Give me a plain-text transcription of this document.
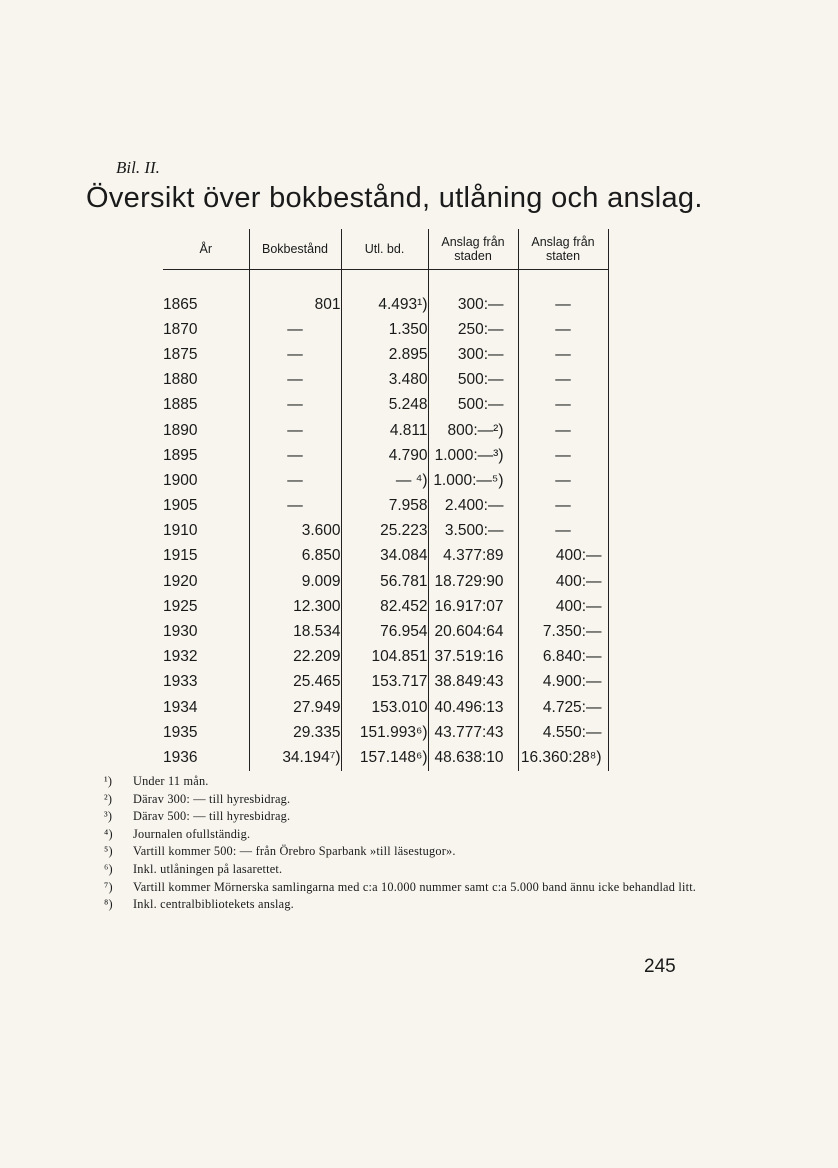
Bil. II.
Översikt över bokbestånd, utlåning och anslag.
År	Bokbestånd	Utl. bd.	Anslag från staden	Anslag från staten
1865	801	4.493¹)	300:—	—
1870	—	1.350	250:—	—
1875	—	2.895	300:—	—
1880	—	3.480	500:—	—
1885	—	5.248	500:—	—
1890	—	4.811	800:—²)	—
1895	—	4.790	1.000:—³)	—
1900	—	— ⁴)	1.000:—⁵)	—
1905	—	7.958	2.400:—	—
1910	3.600	25.223	3.500:—	—
1915	6.850	34.084	4.377:89	400:—
1920	9.009	56.781	18.729:90	400:—
1925	12.300	82.452	16.917:07	400:—
1930	18.534	76.954	20.604:64	7.350:—
1932	22.209	104.851	37.519:16	6.840:—
1933	25.465	153.717	38.849:43	4.900:—
1934	27.949	153.010	40.496:13	4.725:—
1935	29.335	151.993⁶)	43.777:43	4.550:—
1936	34.194⁷)	157.148⁶)	48.638:10	16.360:28⁸)
¹)	Under 11 mån.
²)	Därav 300: — till hyresbidrag.
³)	Därav 500: — till hyresbidrag.
⁴)	Journalen ofullständig.
⁵)	Vartill kommer 500: — från Örebro Sparbank »till läsestugor».
⁶)	Inkl. utlåningen på lasarettet.
⁷)	Vartill kommer Mörnerska samlingarna med c:a 10.000 nummer samt c:a 5.000 band ännu icke behandlad litt.
⁸)	Inkl. centralbibliotekets anslag.
245
